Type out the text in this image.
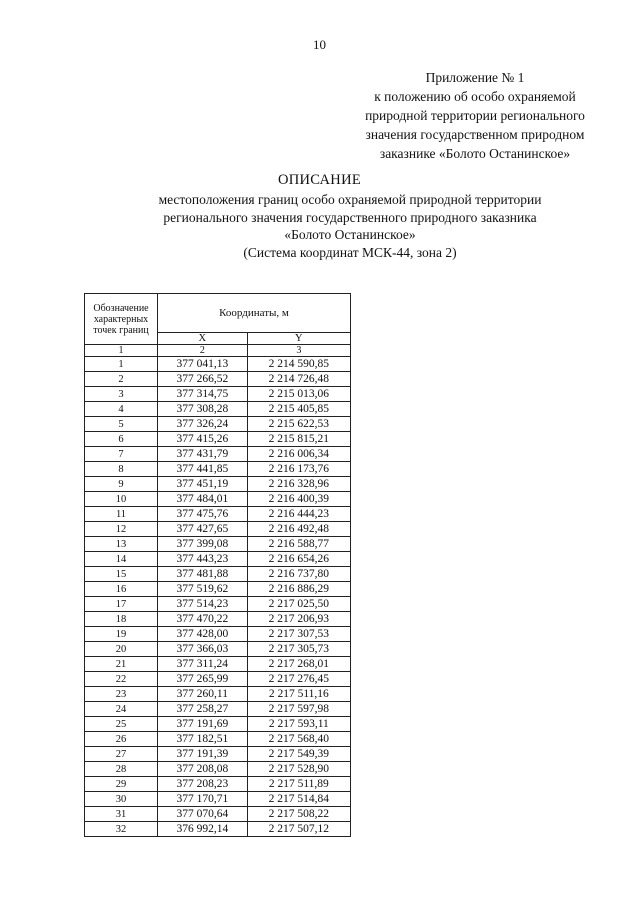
10
Приложение № 1
к положению об особо охраняемой
природной территории регионального
значения государственном природном
заказнике «Болото Останинское»
ОПИСАНИЕ
местоположения границ особо охраняемой природной территории
регионального значения государственного природного заказника
«Болото Останинское»
(Система координат МСК-44, зона 2)
Обозначение характерных точек границ	Координаты, м	
	X	Y
1	2	3
1	377 041,13	2 214 590,85
2	377 266,52	2 214 726,48
3	377 314,75	2 215 013,06
4	377 308,28	2 215 405,85
5	377 326,24	2 215 622,53
6	377 415,26	2 215 815,21
7	377 431,79	2 216 006,34
8	377 441,85	2 216 173,76
9	377 451,19	2 216 328,96
10	377 484,01	2 216 400,39
11	377 475,76	2 216 444,23
12	377 427,65	2 216 492,48
13	377 399,08	2 216 588,77
14	377 443,23	2 216 654,26
15	377 481,88	2 216 737,80
16	377 519,62	2 216 886,29
17	377 514,23	2 217 025,50
18	377 470,22	2 217 206,93
19	377 428,00	2 217 307,53
20	377 366,03	2 217 305,73
21	377 311,24	2 217 268,01
22	377 265,99	2 217 276,45
23	377 260,11	2 217 511,16
24	377 258,27	2 217 597,98
25	377 191,69	2 217 593,11
26	377 182,51	2 217 568,40
27	377 191,39	2 217 549,39
28	377 208,08	2 217 528,90
29	377 208,23	2 217 511,89
30	377 170,71	2 217 514,84
31	377 070,64	2 217 508,22
32	376 992,14	2 217 507,12
